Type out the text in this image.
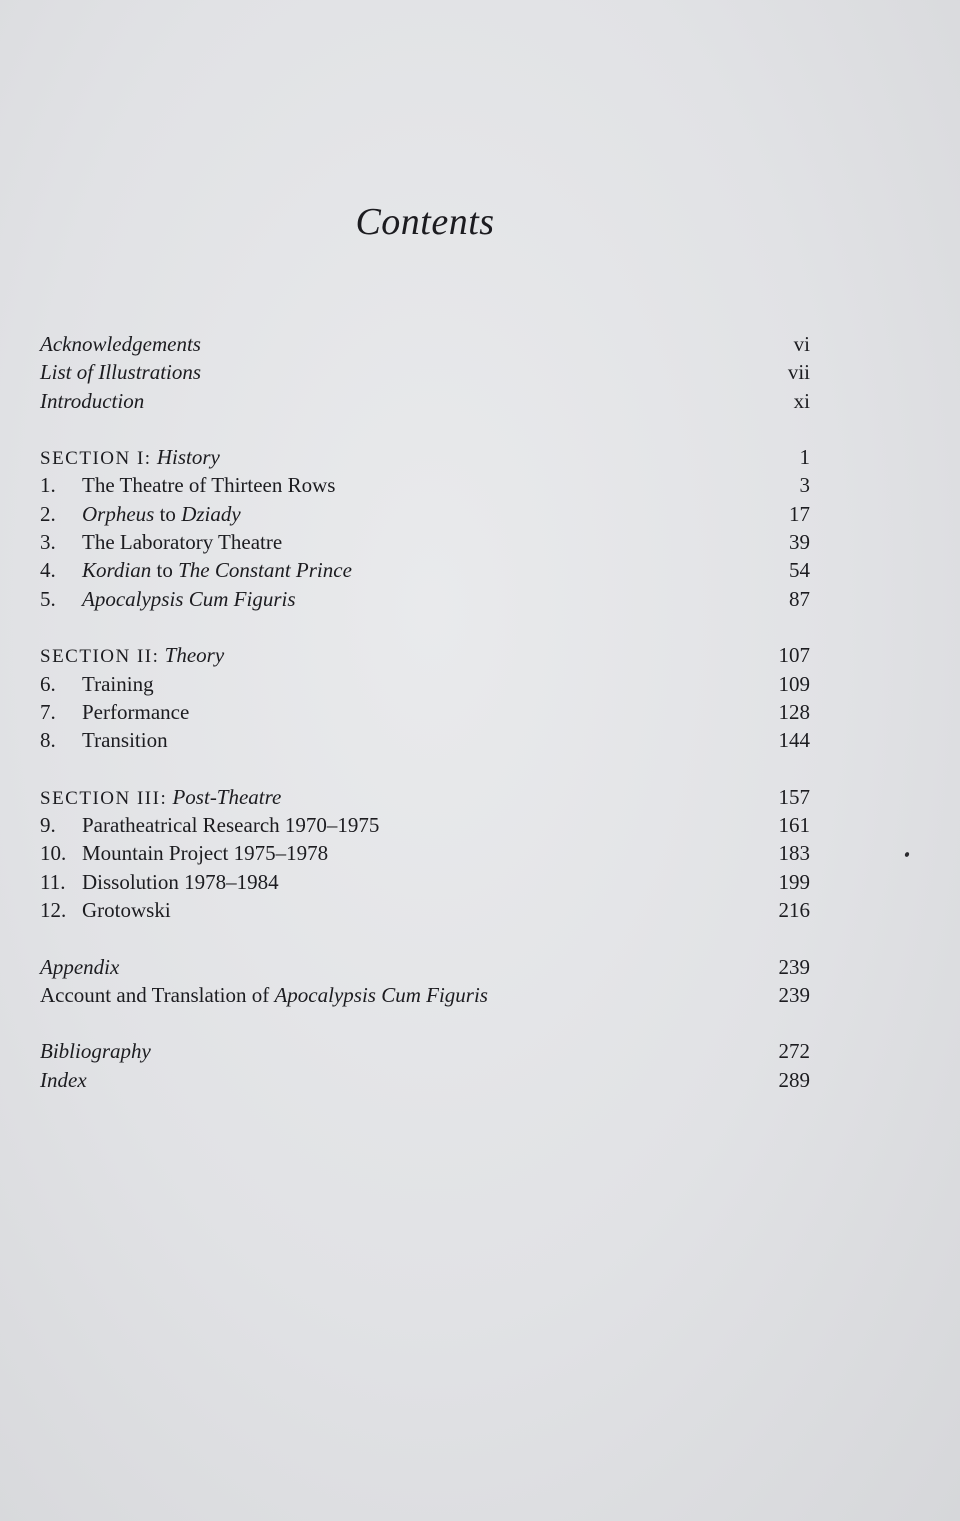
Contents
Acknowledgements	vi
List of Illustrations	vii
Introduction	xi
SECTION I: History	1
1. The Theatre of Thirteen Rows	3
2. Orpheus to Dziady	17
3. The Laboratory Theatre	39
4. Kordian to The Constant Prince	54
5. Apocalypsis Cum Figuris	87
SECTION II: Theory	107
6. Training	109
7. Performance	128
8. Transition	144
SECTION III: Post-Theatre	157
9. Paratheatrical Research 1970–1975	161
10. Mountain Project 1975–1978	183
11. Dissolution 1978–1984	199
12. Grotowski	216
Appendix	239
Account and Translation of Apocalypsis Cum Figuris	239
Bibliography	272
Index	289
